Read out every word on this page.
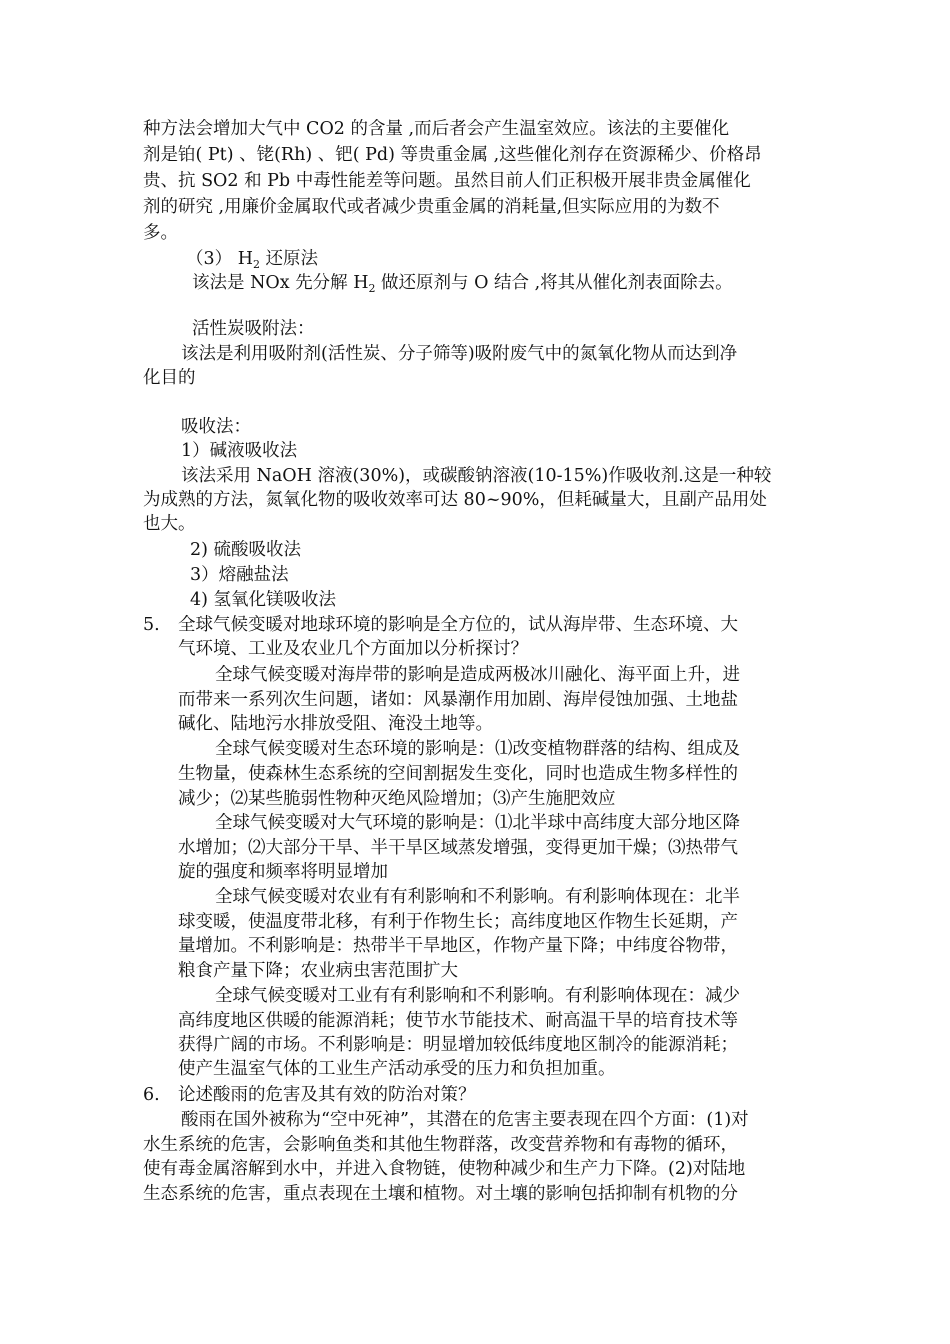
种方法会增加大气中 CO2 的含量 ,而后者会产生温室效应。该法的主要催化
剂是铂( Pt) 、铑(Rh) 、钯( Pd) 等贵重金属 ,这些催化剂存在资源稀少、价格昂
贵、抗 SO2 和 Pb 中毒性能差等问题。虽然目前人们正积极开展非贵金属催化
剂的研究 ,用廉价金属取代或者减少贵重金属的消耗量,但实际应用的为数不
多。
（3） $H_2$ 还原法
该法是 NOx 先分解 $H_2$ 做还原剂与 O 结合 ,将其从催化剂表面除去。
活性炭吸附法：
该法是利用吸附剂(活性炭、分子筛等)吸附废气中的氮氧化物从而达到净
化目的
吸收法：
1）碱液吸收法
该法采用 NaOH 溶液(30%)，或碳酸钠溶液(10-15%)作吸收剂.这是一种较
为成熟的方法，氮氧化物的吸收效率可达 80~90%，但耗碱量大，且副产品用处
也大。
2) 硫酸吸收法
3）熔融盐法
4) 氢氧化镁吸收法
5. 全球气候变暖对地球环境的影响是全方位的，试从海岸带、生态环境、大
气环境、工业及农业几个方面加以分析探讨？
全球气候变暖对海岸带的影响是造成两极冰川融化、海平面上升，进
而带来一系列次生问题，诸如：风暴潮作用加剧、海岸侵蚀加强、土地盐
碱化、陆地污水排放受阻、淹没土地等。
全球气候变暖对生态环境的影响是：⑴改变植物群落的结构、组成及
生物量，使森林生态系统的空间割据发生变化，同时也造成生物多样性的
减少；⑵某些脆弱性物种灭绝风险增加；⑶产生施肥效应
全球气候变暖对大气环境的影响是：⑴北半球中高纬度大部分地区降
水增加；⑵大部分干旱、半干旱区域蒸发增强，变得更加干燥；⑶热带气
旋的强度和频率将明显增加
全球气候变暖对农业有有利影响和不利影响。有利影响体现在：北半
球变暖，使温度带北移，有利于作物生长；高纬度地区作物生长延期，产
量增加。不利影响是：热带半干旱地区，作物产量下降；中纬度谷物带，
粮食产量下降；农业病虫害范围扩大
全球气候变暖对工业有有利影响和不利影响。有利影响体现在：减少
高纬度地区供暖的能源消耗；使节水节能技术、耐高温干旱的培育技术等
获得广阔的市场。不利影响是：明显增加较低纬度地区制冷的能源消耗；
使产生温室气体的工业生产活动承受的压力和负担加重。
6. 论述酸雨的危害及其有效的防治对策？
酸雨在国外被称为“空中死神”，其潜在的危害主要表现在四个方面：(1)对
水生系统的危害，会影响鱼类和其他生物群落，改变营养物和有毒物的循环，
使有毒金属溶解到水中，并进入食物链，使物种减少和生产力下降。(2)对陆地
生态系统的危害，重点表现在土壤和植物。对土壤的影响包括抑制有机物的分
